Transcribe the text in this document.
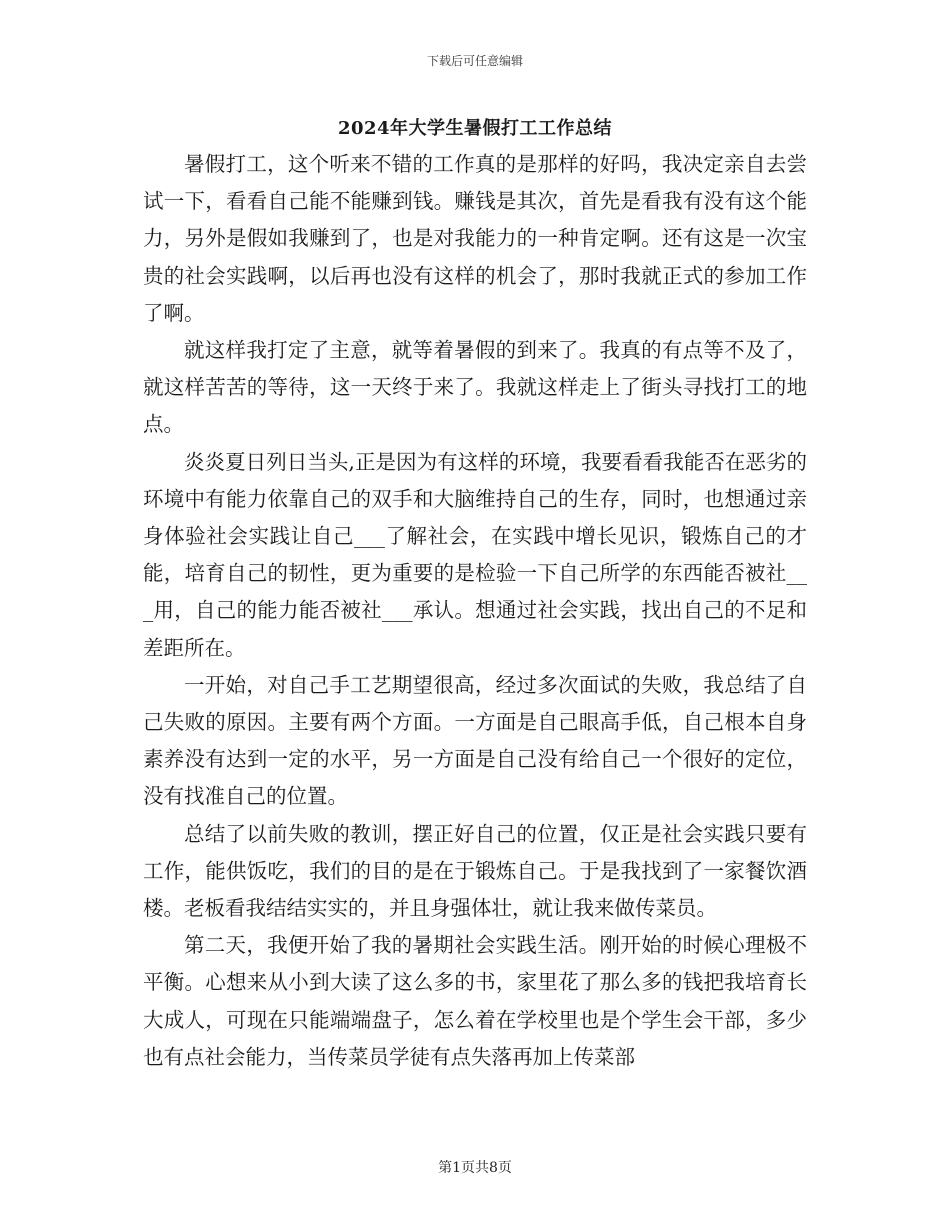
下载后可任意编辑
2024年大学生暑假打工工作总结

暑假打工，这个听来不错的工作真的是那样的好吗，我决定亲自去尝试一下，看看自己能不能赚到钱。赚钱是其次，首先是看我有没有这个能力，另外是假如我赚到了，也是对我能力的一种肯定啊。还有这是一次宝贵的社会实践啊，以后再也没有这样的机会了，那时我就正式的参加工作了啊。

就这样我打定了主意，就等着暑假的到来了。我真的有点等不及了，就这样苦苦的等待，这一天终于来了。我就这样走上了街头寻找打工的地点。

炎炎夏日列日当头,正是因为有这样的环境，我要看看我能否在恶劣的环境中有能力依靠自己的双手和大脑维持自己的生存，同时，也想通过亲身体验社会实践让自己___了解社会，在实践中增长见识，锻炼自己的才能，培育自己的韧性，更为重要的是检验一下自己所学的东西能否被社___用，自己的能力能否被社___承认。想通过社会实践，找出自己的不足和差距所在。

一开始，对自己手工艺期望很高，经过多次面试的失败，我总结了自己失败的原因。主要有两个方面。一方面是自己眼高手低，自己根本自身素养没有达到一定的水平，另一方面是自己没有给自己一个很好的定位，没有找准自己的位置。

总结了以前失败的教训，摆正好自己的位置，仅正是社会实践只要有工作，能供饭吃，我们的目的是在于锻炼自己。于是我找到了一家餐饮酒楼。老板看我结结实实的，并且身强体壮，就让我来做传菜员。

第二天，我便开始了我的暑期社会实践生活。刚开始的时候心理极不平衡。心想来从小到大读了这么多的书，家里花了那么多的钱把我培育长大成人，可现在只能端端盘子，怎么着在学校里也是个学生会干部，多少也有点社会能力，当传菜员学徒有点失落再加上传菜部

第1页共8页
